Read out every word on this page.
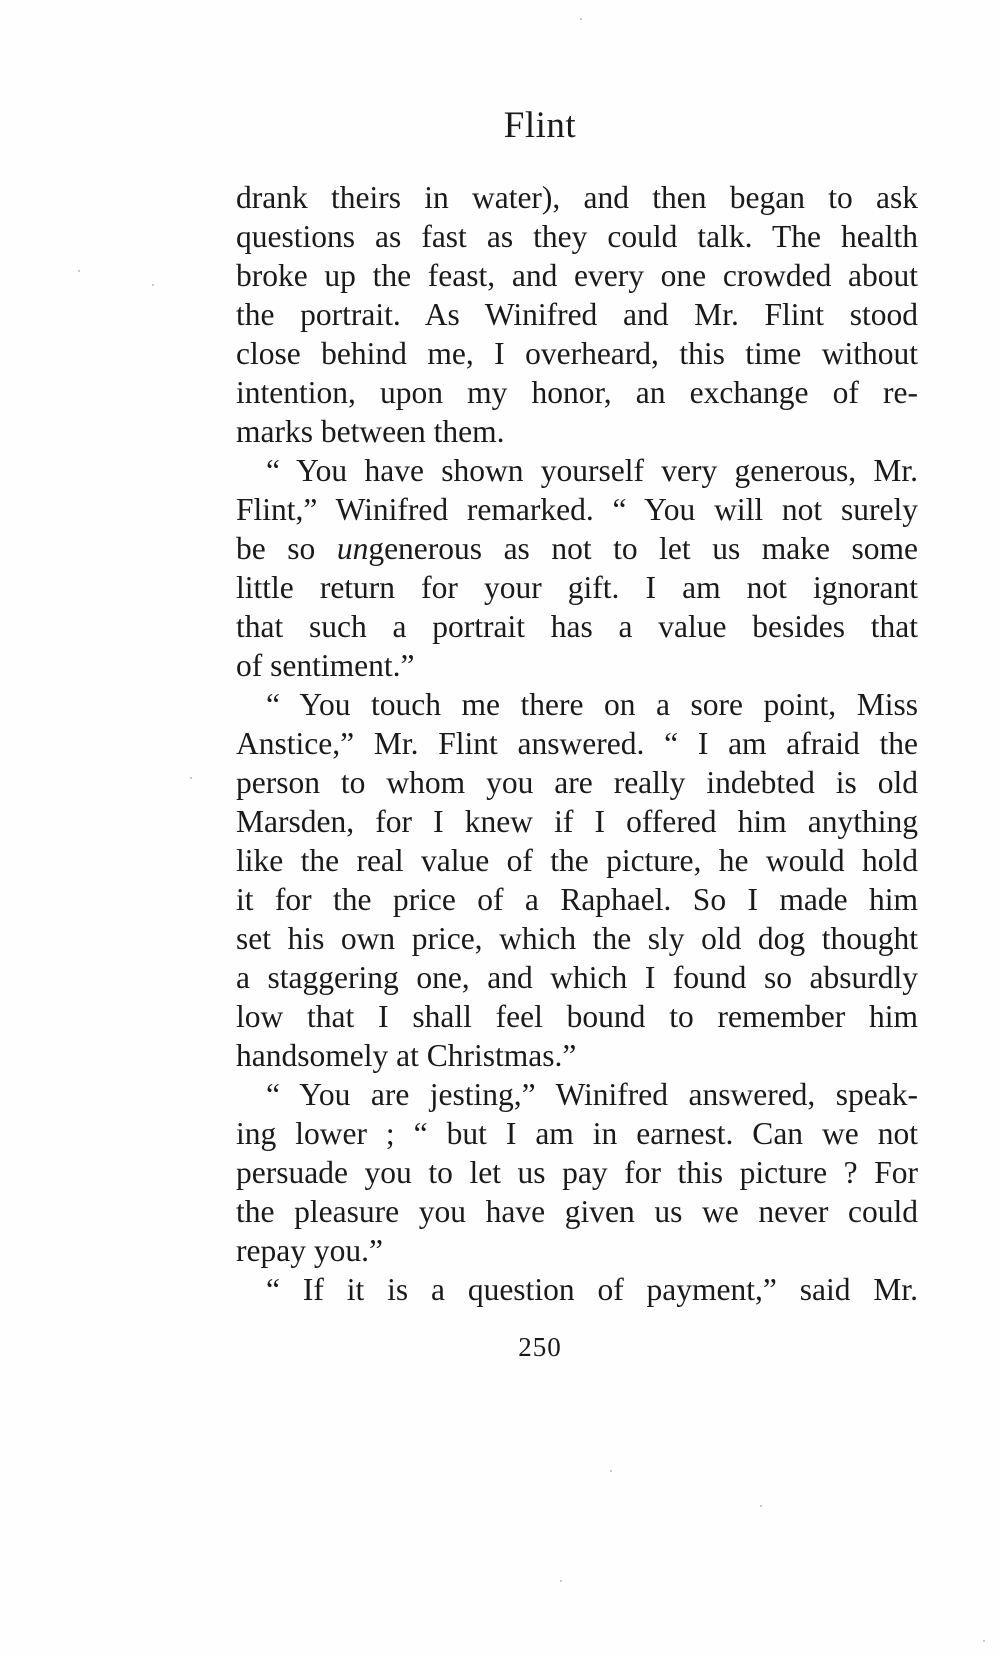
Flint
drank theirs in water), and then began to ask
questions as fast as they could talk. The health
broke up the feast, and every one crowded about
the portrait. As Winifred and Mr. Flint stood
close behind me, I overheard, this time without
intention, upon my honor, an exchange of re-
marks between them.
“ You have shown yourself very generous, Mr.
Flint,” Winifred remarked. “ You will not surely
be so ungenerous as not to let us make some
little return for your gift. I am not ignorant
that such a portrait has a value besides that
of sentiment.”
“ You touch me there on a sore point, Miss
Anstice,” Mr. Flint answered. “ I am afraid the
person to whom you are really indebted is old
Marsden, for I knew if I offered him anything
like the real value of the picture, he would hold
it for the price of a Raphael. So I made him
set his own price, which the sly old dog thought
a staggering one, and which I found so absurdly
low that I shall feel bound to remember him
handsomely at Christmas.”
“ You are jesting,” Winifred answered, speak-
ing lower ; “ but I am in earnest. Can we not
persuade you to let us pay for this picture ? For
the pleasure you have given us we never could
repay you.”
“ If it is a question of payment,” said Mr.
250
